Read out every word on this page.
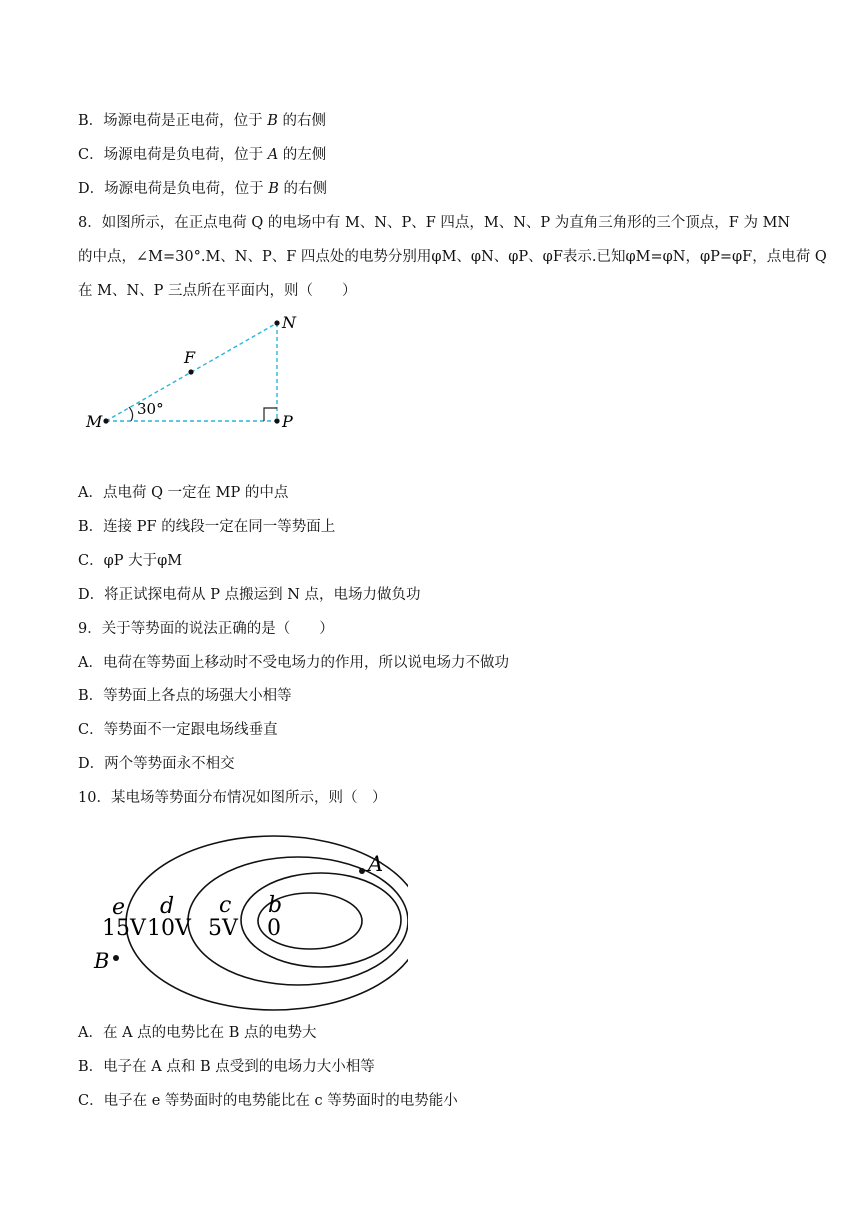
B．场源电荷是正电荷，位于 B 的右侧
C．场源电荷是负电荷，位于 A 的左侧
D．场源电荷是负电荷，位于 B 的右侧
8．如图所示，在正点电荷 Q 的电场中有 M、N、P、F 四点，M、N、P 为直角三角形的三个顶点，F 为 MN
的中点，∠M=30°.M、N、P、F 四点处的电势分别用φM、φN、φP、φF表示.已知φM=φN，φP=φF，点电荷 Q
在 M、N、P 三点所在平面内，则（　　）
M
N
P
F
30°
A．点电荷 Q 一定在 MP 的中点
B．连接 PF 的线段一定在同一等势面上
C．φP 大于φM
D．将正试探电荷从 P 点搬运到 N 点，电场力做负功
9．关于等势面的说法正确的是（　　）
A．电荷在等势面上移动时不受电场力的作用，所以说电场力不做功
B．等势面上各点的场强大小相等
C．等势面不一定跟电场线垂直
D．两个等势面永不相交
10．某电场等势面分布情况如图所示，则（　）
A
B
e d c b
15V 10V 5V 0
A．在 A 点的电势比在 B 点的电势大
B．电子在 A 点和 B 点受到的电场力大小相等
C．电子在 e 等势面时的电势能比在 c 等势面时的电势能小
